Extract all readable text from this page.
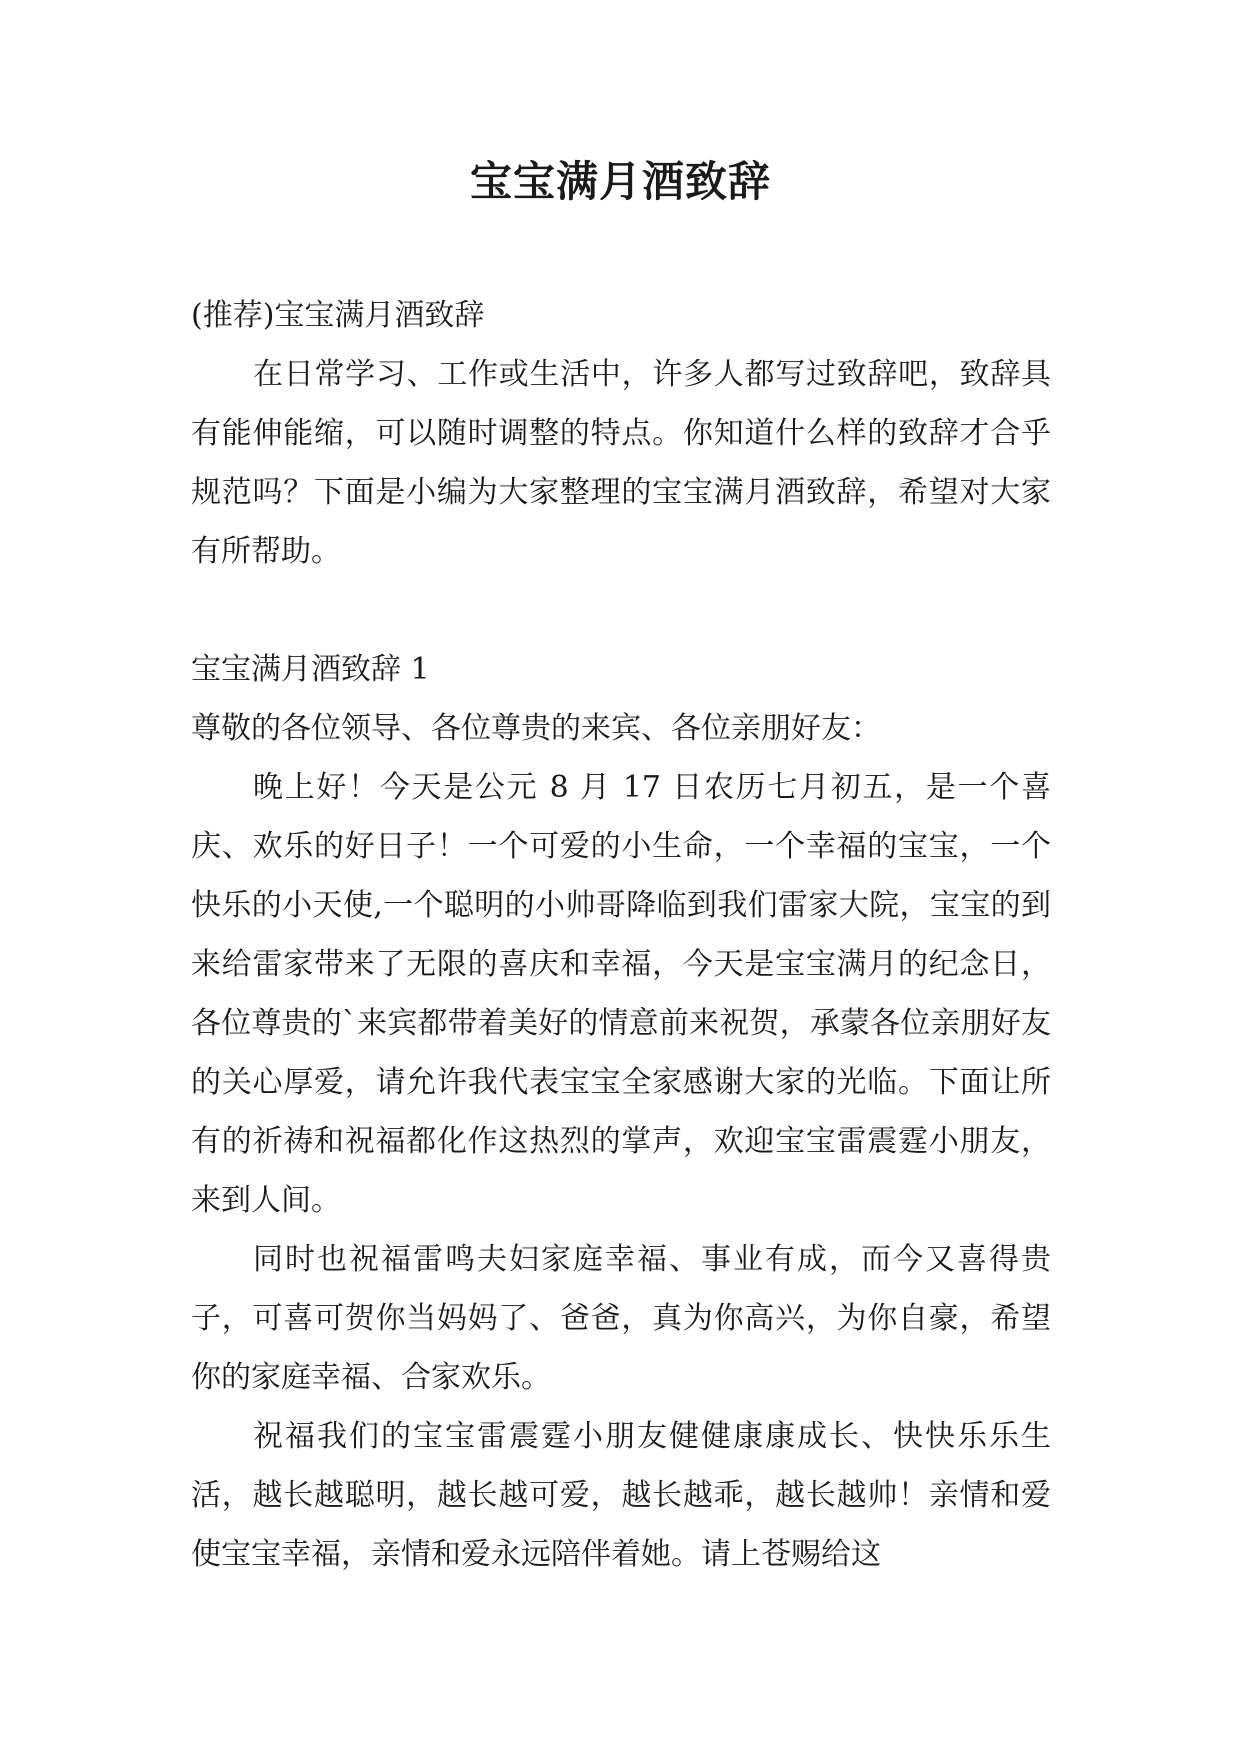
宝宝满月酒致辞

(推荐)宝宝满月酒致辞

在日常学习、工作或生活中，许多人都写过致辞吧，致辞具有能伸能缩，可以随时调整的特点。你知道什么样的致辞才合乎规范吗？下面是小编为大家整理的宝宝满月酒致辞，希望对大家有所帮助。

宝宝满月酒致辞 1

尊敬的各位领导、各位尊贵的来宾、各位亲朋好友：

晚上好！今天是公元 8 月 17 日农历七月初五，是一个喜庆、欢乐的好日子！一个可爱的小生命，一个幸福的宝宝，一个快乐的小天使,一个聪明的小帅哥降临到我们雷家大院，宝宝的到来给雷家带来了无限的喜庆和幸福，今天是宝宝满月的纪念日，各位尊贵的`来宾都带着美好的情意前来祝贺，承蒙各位亲朋好友的关心厚爱，请允许我代表宝宝全家感谢大家的光临。下面让所有的祈祷和祝福都化作这热烈的掌声，欢迎宝宝雷震霆小朋友，来到人间。

同时也祝福雷鸣夫妇家庭幸福、事业有成，而今又喜得贵子，可喜可贺你当妈妈了、爸爸，真为你高兴，为你自豪，希望你的家庭幸福、合家欢乐。

祝福我们的宝宝雷震霆小朋友健健康康成长、快快乐乐生活，越长越聪明，越长越可爱，越长越乖，越长越帅！亲情和爱使宝宝幸福，亲情和爱永远陪伴着她。请上苍赐给这
